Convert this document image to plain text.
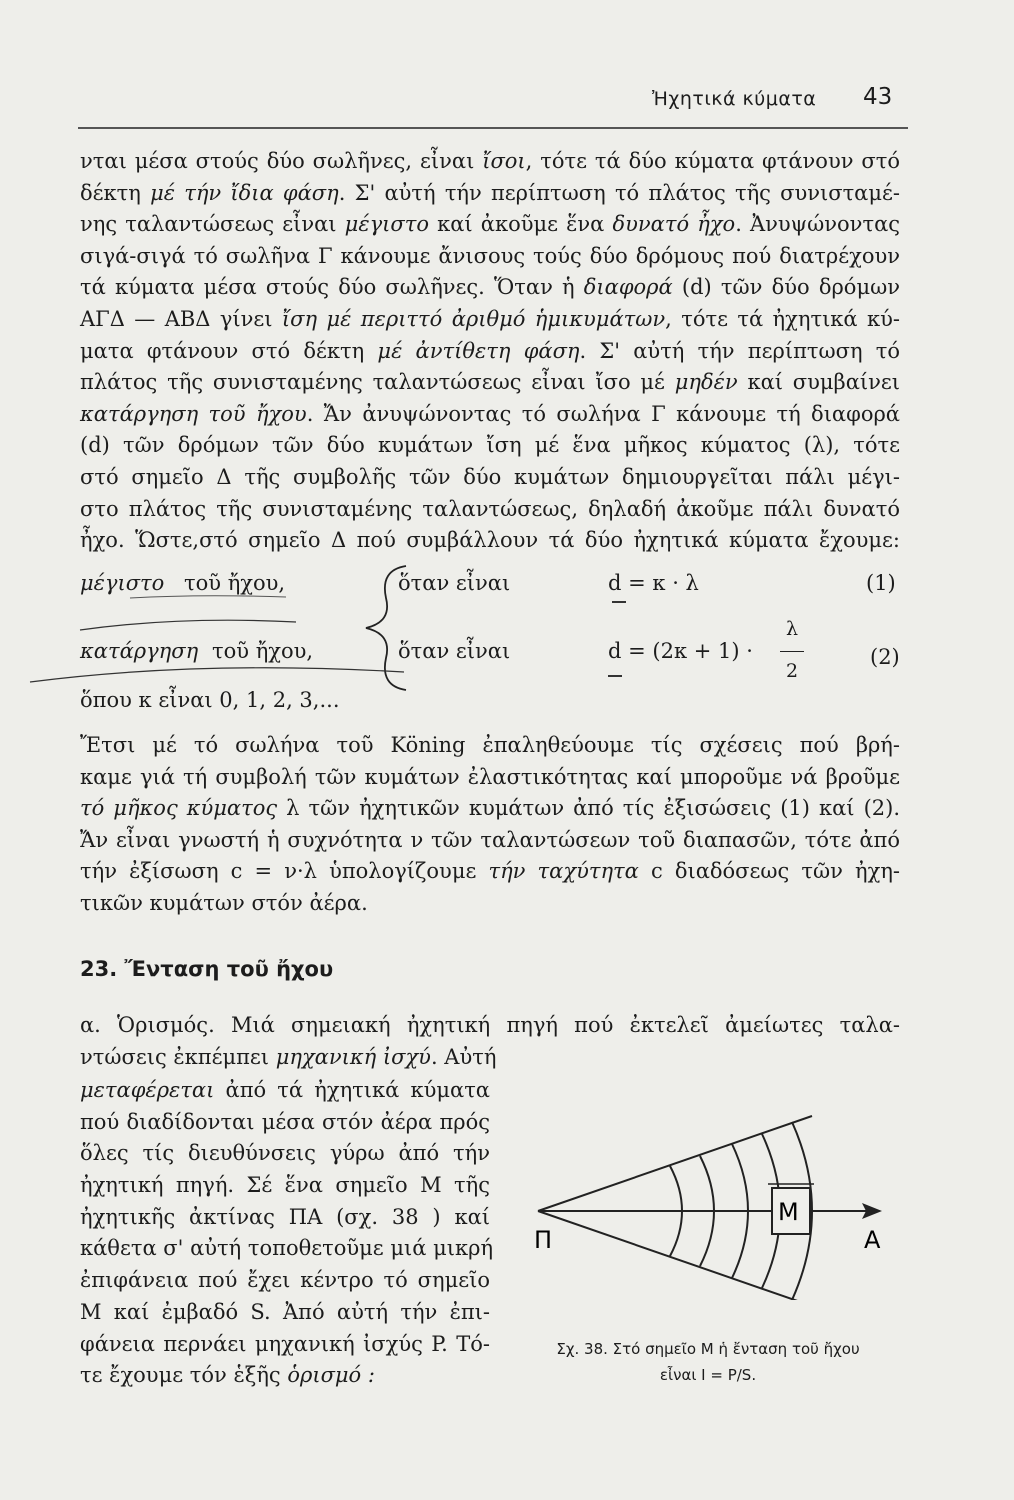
Ἠχητικά κύματα 43
νται μέσα στούς δύο σωλῆνες, εἶναι ἴσοι, τότε τά δύο κύματα φτάνουν στό
δέκτη μέ τήν ἴδια φάση. Σ' αὐτή τήν περίπτωση τό πλάτος τῆς συνισταμέ-
νης ταλαντώσεως εἶναι μέγιστο καί ἀκοῦμε ἕνα δυνατό ἦχο. Ἀνυψώνοντας
σιγά-σιγά τό σωλῆνα Γ κάνουμε ἄνισους τούς δύο δρόμους πού διατρέχουν
τά κύματα μέσα στούς δύο σωλῆνες. Ὅταν ἡ διαφορά (d) τῶν δύο δρόμων
ΑΓΔ — ΑΒΔ γίνει ἴση μέ περιττό ἀριθμό ἡμικυμάτων, τότε τά ἠχητικά κύ-
ματα φτάνουν στό δέκτη μέ ἀντίθετη φάση. Σ' αὐτή τήν περίπτωση τό
πλάτος τῆς συνισταμένης ταλαντώσεως εἶναι ἴσο μέ μηδέν καί συμβαίνει
κατάργηση τοῦ ἤχου. Ἄν ἀνυψώνοντας τό σωλήνα Γ κάνουμε τή διαφορά
(d) τῶν δρόμων τῶν δύο κυμάτων ἴση μέ ἕνα μῆκος κύματος (λ), τότε
στό σημεῖο Δ τῆς συμβολῆς τῶν δύο κυμάτων δημιουργεῖται πάλι μέγι-
στο πλάτος τῆς συνισταμένης ταλαντώσεως, δηλαδή ἀκοῦμε πάλι δυνατό
ἦχο. Ὥστε,στό σημεῖο Δ πού συμβάλλουν τά δύο ἠχητικά κύματα ἔχουμε:
μέγιστο τοῦ ἤχου,	ὅταν εἶναι	d = κ · λ	(1)
κατάργηση τοῦ ἤχου,	ὅταν εἶναι	d = (2κ + 1) ·
λ
2
(2)
ὅπου κ εἶναι 0, 1, 2, 3,...
Ἔτσι μέ τό σωλήνα τοῦ Köning ἐπαληθεύουμε τίς σχέσεις πού βρή-
καμε γιά τή συμβολή τῶν κυμάτων ἐλαστικότητας καί μποροῦμε νά βροῦμε
τό μῆκος κύματος λ τῶν ἠχητικῶν κυμάτων ἀπό τίς ἐξισώσεις (1) καί (2).
Ἄν εἶναι γνωστή ἡ συχνότητα ν τῶν ταλαντώσεων τοῦ διαπασῶν, τότε ἀπό
τήν ἐξίσωση c = ν·λ ὑπολογίζουμε τήν ταχύτητα c διαδόσεως τῶν ἠχη-
τικῶν κυμάτων στόν ἀέρα.
23. Ἔνταση τοῦ ἤχου
α. Ὁρισμός. Μιά σημειακή ἠχητική πηγή πού ἐκτελεῖ ἀμείωτες ταλα-
ντώσεις ἐκπέμπει μηχανική ἰσχύ. Αὐτή
μεταφέρεται ἀπό τά ἠχητικά κύματα
πού διαδίδονται μέσα στόν ἀέρα πρός
ὅλες τίς διευθύνσεις γύρω ἀπό τήν
ἠχητική πηγή. Σέ ἕνα σημεῖο Μ τῆς
ἠχητικῆς ἀκτίνας ΠΑ (σχ. 38 ) καί
κάθετα σ' αὐτή τοποθετοῦμε μιά μικρή
ἐπιφάνεια πού ἔχει κέντρο τό σημεῖο
Μ καί ἐμβαδό S. Ἀπό αὐτή τήν ἐπι-
φάνεια περνάει μηχανική ἰσχύς P. Τό-
τε ἔχουμε τόν ἑξῆς ὁρισμό :
Μ
Π	Α
Σχ. 38. Στό σημεῖο Μ ἡ ἔνταση τοῦ ἤχου
εἶναι I = P/S.
